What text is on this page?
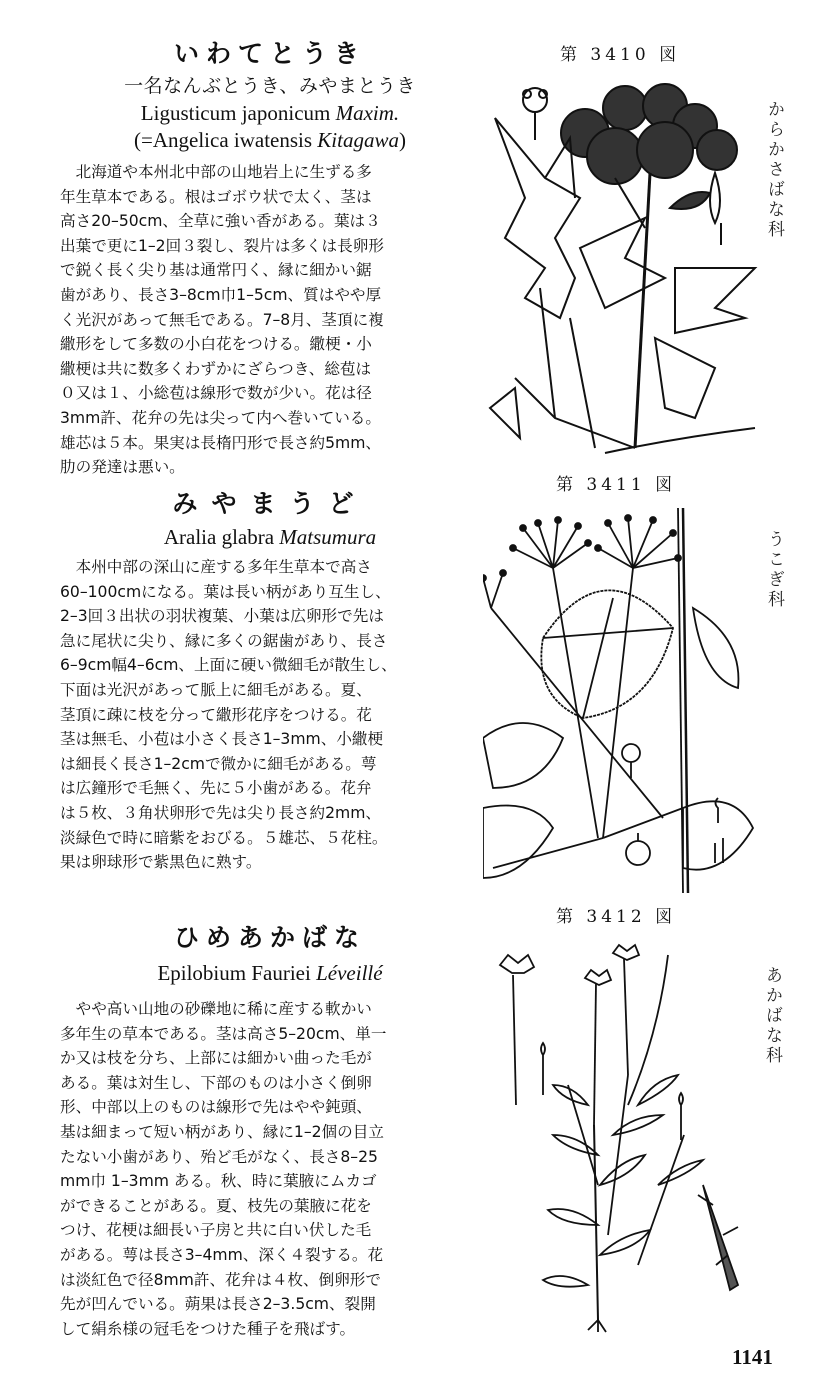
いわてとうき
一名なんぶとうき、みやまとうき
Ligusticum japonicum Maxim.
(=Angelica iwatensis Kitagawa)
　北海道や本州北中部の山地岩上に生ずる多
年生草本である。根はゴボウ状で太く、茎は
高さ20–50cm、全草に強い香がある。葉は３
出葉で更に1–2回３裂し、裂片は多くは長卵形
で鋭く長く尖り基は通常円く、縁に細かい鋸
歯があり、長さ3–8cm巾1–5cm、質はやや厚
く光沢があって無毛である。7–8月、茎頂に複
繖形をして多数の小白花をつける。繖梗・小
繖梗は共に数多くわずかにざらつき、総苞は
０又は１、小総苞は線形で数が少い。花は径
3mm許、花弁の先は尖って内へ巻いている。
雄芯は５本。果実は長楕円形で長さ約5mm、
肋の発達は悪い。
第 3410 図
からかさばな科
みやまうど
Aralia glabra Matsumura
　本州中部の深山に産する多年生草本で高さ
60–100cmになる。葉は長い柄があり互生し、
2–3回３出状の羽状複葉、小葉は広卵形で先は
急に尾状に尖り、縁に多くの鋸歯があり、長さ
6–9cm幅4–6cm、上面に硬い微細毛が散生し、
下面は光沢があって脈上に細毛がある。夏、
茎頂に疎に枝を分って繖形花序をつける。花
茎は無毛、小苞は小さく長さ1–3mm、小繖梗
は細長く長さ1–2cmで微かに細毛がある。萼
は広鐘形で毛無く、先に５小歯がある。花弁
は５枚、３角状卵形で先は尖り長さ約2mm、
淡緑色で時に暗紫をおびる。５雄芯、５花柱。
果は卵球形で紫黒色に熟す。
第 3411 図
うこぎ科
ひめあかばな
Epilobium Fauriei Léveillé
　やや高い山地の砂礫地に稀に産する軟かい
多年生の草本である。茎は高さ5–20cm、単一
か又は枝を分ち、上部には細かい曲った毛が
ある。葉は対生し、下部のものは小さく倒卵
形、中部以上のものは線形で先はやや鈍頭、
基は細まって短い柄があり、縁に1–2個の目立
たない小歯があり、殆ど毛がなく、長さ8–25
mm巾 1–3mm ある。秋、時に葉腋にムカゴ
ができることがある。夏、枝先の葉腋に花を
つけ、花梗は細長い子房と共に白い伏した毛
がある。萼は長さ3–4mm、深く４裂する。花
は淡紅色で径8mm許、花弁は４枚、倒卵形で
先が凹んでいる。蒴果は長さ2–3.5cm、裂開
して絹糸様の冠毛をつけた種子を飛ばす。
第 3412 図
あかばな科
1141
